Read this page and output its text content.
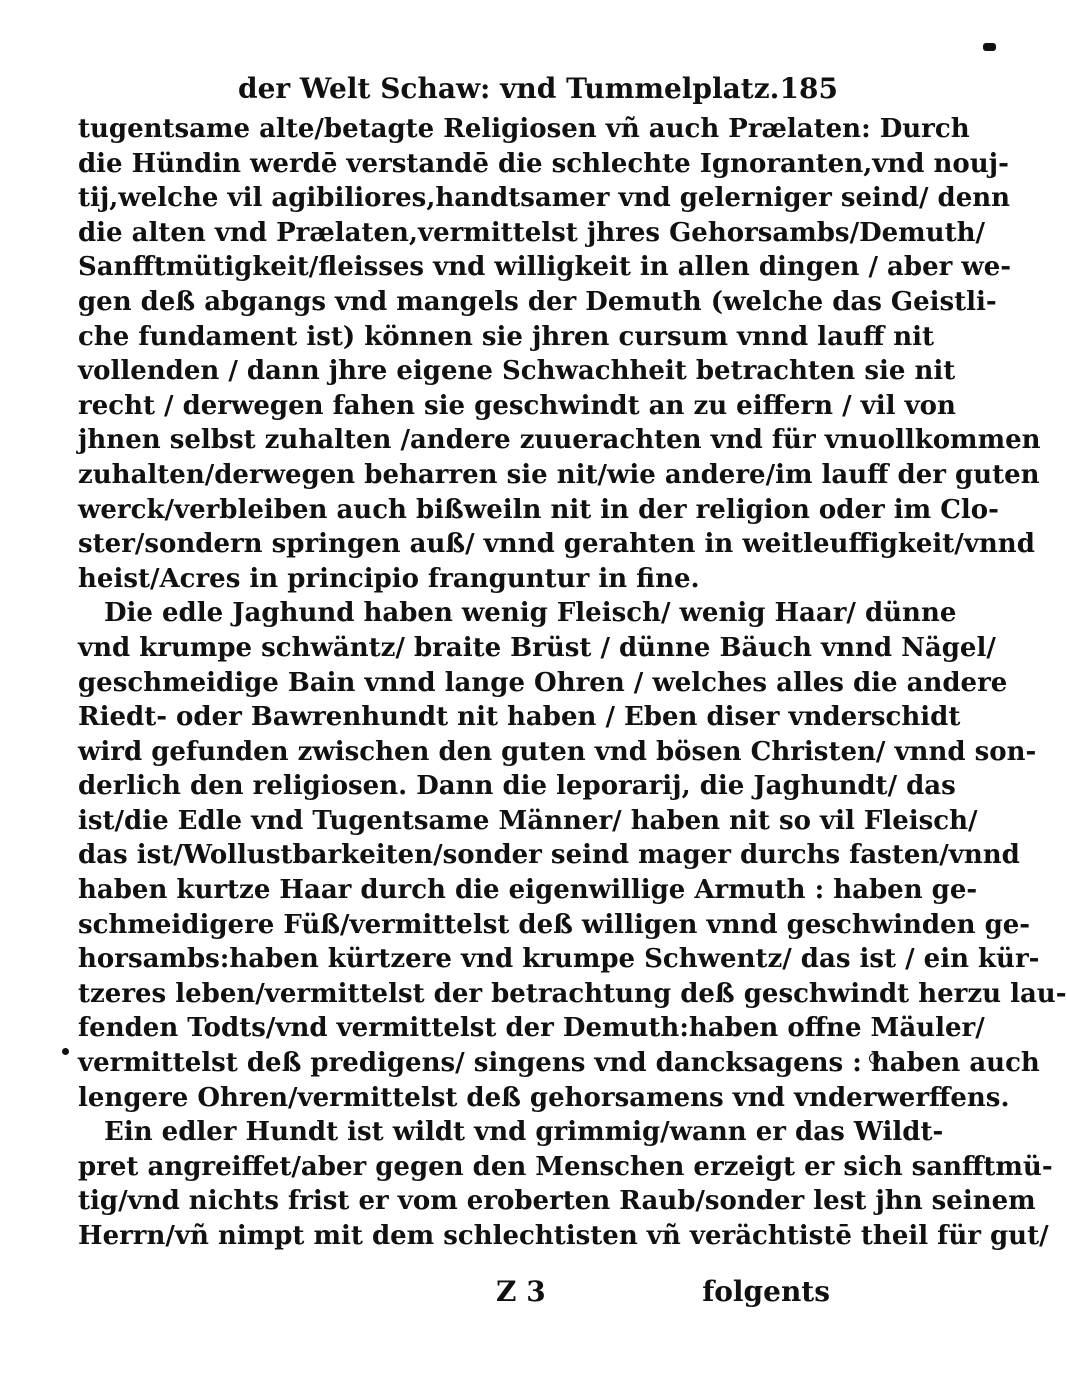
der Welt Schaw: vnd Tummelplatz. 185
tugentsame alte/betagte Religiosen vñ auch Prælaten: Durch
die Hündin werdē verstandē die schlechte Ignoranten,vnd nouj-
tij,welche vil agibiliores,handtsamer vnd gelerniger seind/ denn
die alten vnd Prælaten,vermittelst jhres Gehorsambs/Demuth/
Sanfftmütigkeit/fleisses vnd willigkeit in allen dingen / aber we-
gen deß abgangs vnd mangels der Demuth (welche das Geistli-
che fundament ist) können sie jhren cursum vnnd lauff nit
vollenden / dann jhre eigene Schwachheit betrachten sie nit
recht / derwegen fahen sie geschwindt an zu eiffern / vil von
jhnen selbst zuhalten /andere zuuerachten vnd für vnuollkommen
zuhalten/derwegen beharren sie nit/wie andere/im lauff der guten
werck/verbleiben auch bißweiln nit in der religion oder im Clo-
ster/sondern springen auß/ vnnd gerahten in weitleuffigkeit/vnnd
heist/Acres in principio franguntur in fine.
Die edle Jaghund haben wenig Fleisch/ wenig Haar/ dünne
vnd krumpe schwäntz/ braite Brüst / dünne Bäuch vnnd Nägel/
geschmeidige Bain vnnd lange Ohren / welches alles die andere
Riedt- oder Bawrenhundt nit haben / Eben diser vnderschidt
wird gefunden zwischen den guten vnd bösen Christen/ vnnd son-
derlich den religiosen. Dann die leporarij, die Jaghundt/ das
ist/die Edle vnd Tugentsame Männer/ haben nit so vil Fleisch/
das ist/Wollustbarkeiten/sonder seind mager durchs fasten/vnnd
haben kurtze Haar durch die eigenwillige Armuth : haben ge-
schmeidigere Füß/vermittelst deß willigen vnnd geschwinden ge-
horsambs:haben kürtzere vnd krumpe Schwentz/ das ist / ein kür-
tzeres leben/vermittelst der betrachtung deß geschwindt herzu lau-
fenden Todts/vnd vermittelst der Demuth:haben offne Mäuler/
vermittelst deß predigens/ singens vnd dancksagens : haben auch
lengere Ohren/vermittelst deß gehorsamens vnd vnderwerffens.
Ein edler Hundt ist wildt vnd grimmig/wann er das Wildt-
pret angreiffet/aber gegen den Menschen erzeigt er sich sanfftmü-
tig/vnd nichts frist er vom eroberten Raub/sonder lest jhn seinem
Herrn/vñ nimpt mit dem schlechtisten vñ verächtistē theil für gut/
Z 3	folgents
